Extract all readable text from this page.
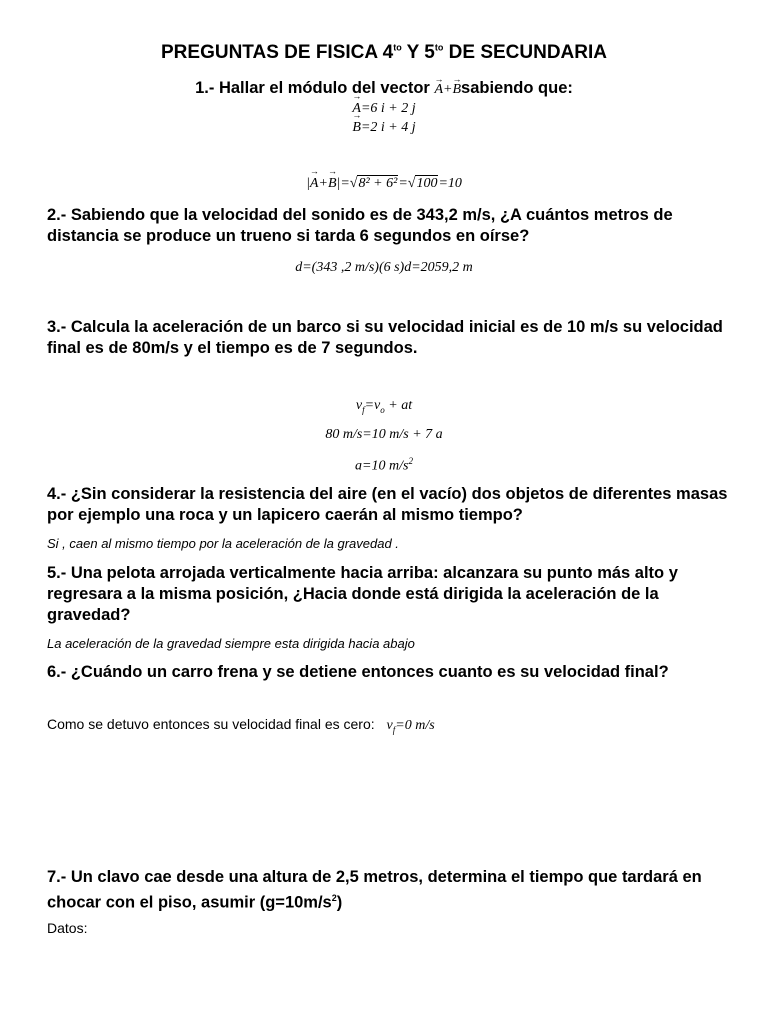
PREGUNTAS DE FISICA $4^{to}$ Y $5^{to}$ DE SECUNDARIA
1.- Hallar el módulo del vector → A+→ Bsabiendo que:
→ A=6 i + 2 j
→ B=2 i + 4 j
|→ A+→ B|=√8² + 6²=√100=10
2.- Sabiendo que la velocidad del sonido es de 343,2 m/s, ¿A cuántos metros de distancia se produce un trueno si tarda 6 segundos en oírse?
d=(343 ,2 m/s)(6 s)d=2059,2 m
3.- Calcula la aceleración de un barco si su velocidad inicial es de 10 m/s su velocidad final es de 80m/s y el tiempo es de 7 segundos.
$v_f=v_o$ + at
80 m/s=10 m/s + 7 a
a=10 $m/s^2$
4.- ¿Sin considerar la resistencia del aire (en el vacío) dos objetos de diferentes masas por ejemplo una roca y un lapicero caerán al mismo tiempo?
Si , caen al mismo tiempo por la aceleración de la gravedad .
5.- Una pelota arrojada verticalmente hacia arriba: alcanzara su punto más alto y regresara a la misma posición, ¿Hacia donde está dirigida la aceleración de la gravedad?
La aceleración de la gravedad siempre esta dirigida hacia abajo
6.- ¿Cuándo un carro frena y se detiene entonces cuanto es su velocidad final?
Como se detuvo entonces su velocidad final es cero: $v_f=0$ m/s
7.- Un clavo cae desde una altura de 2,5 metros, determina el tiempo que tardará en chocar con el piso, asumir $(g=10m/s^2)$
Datos:
